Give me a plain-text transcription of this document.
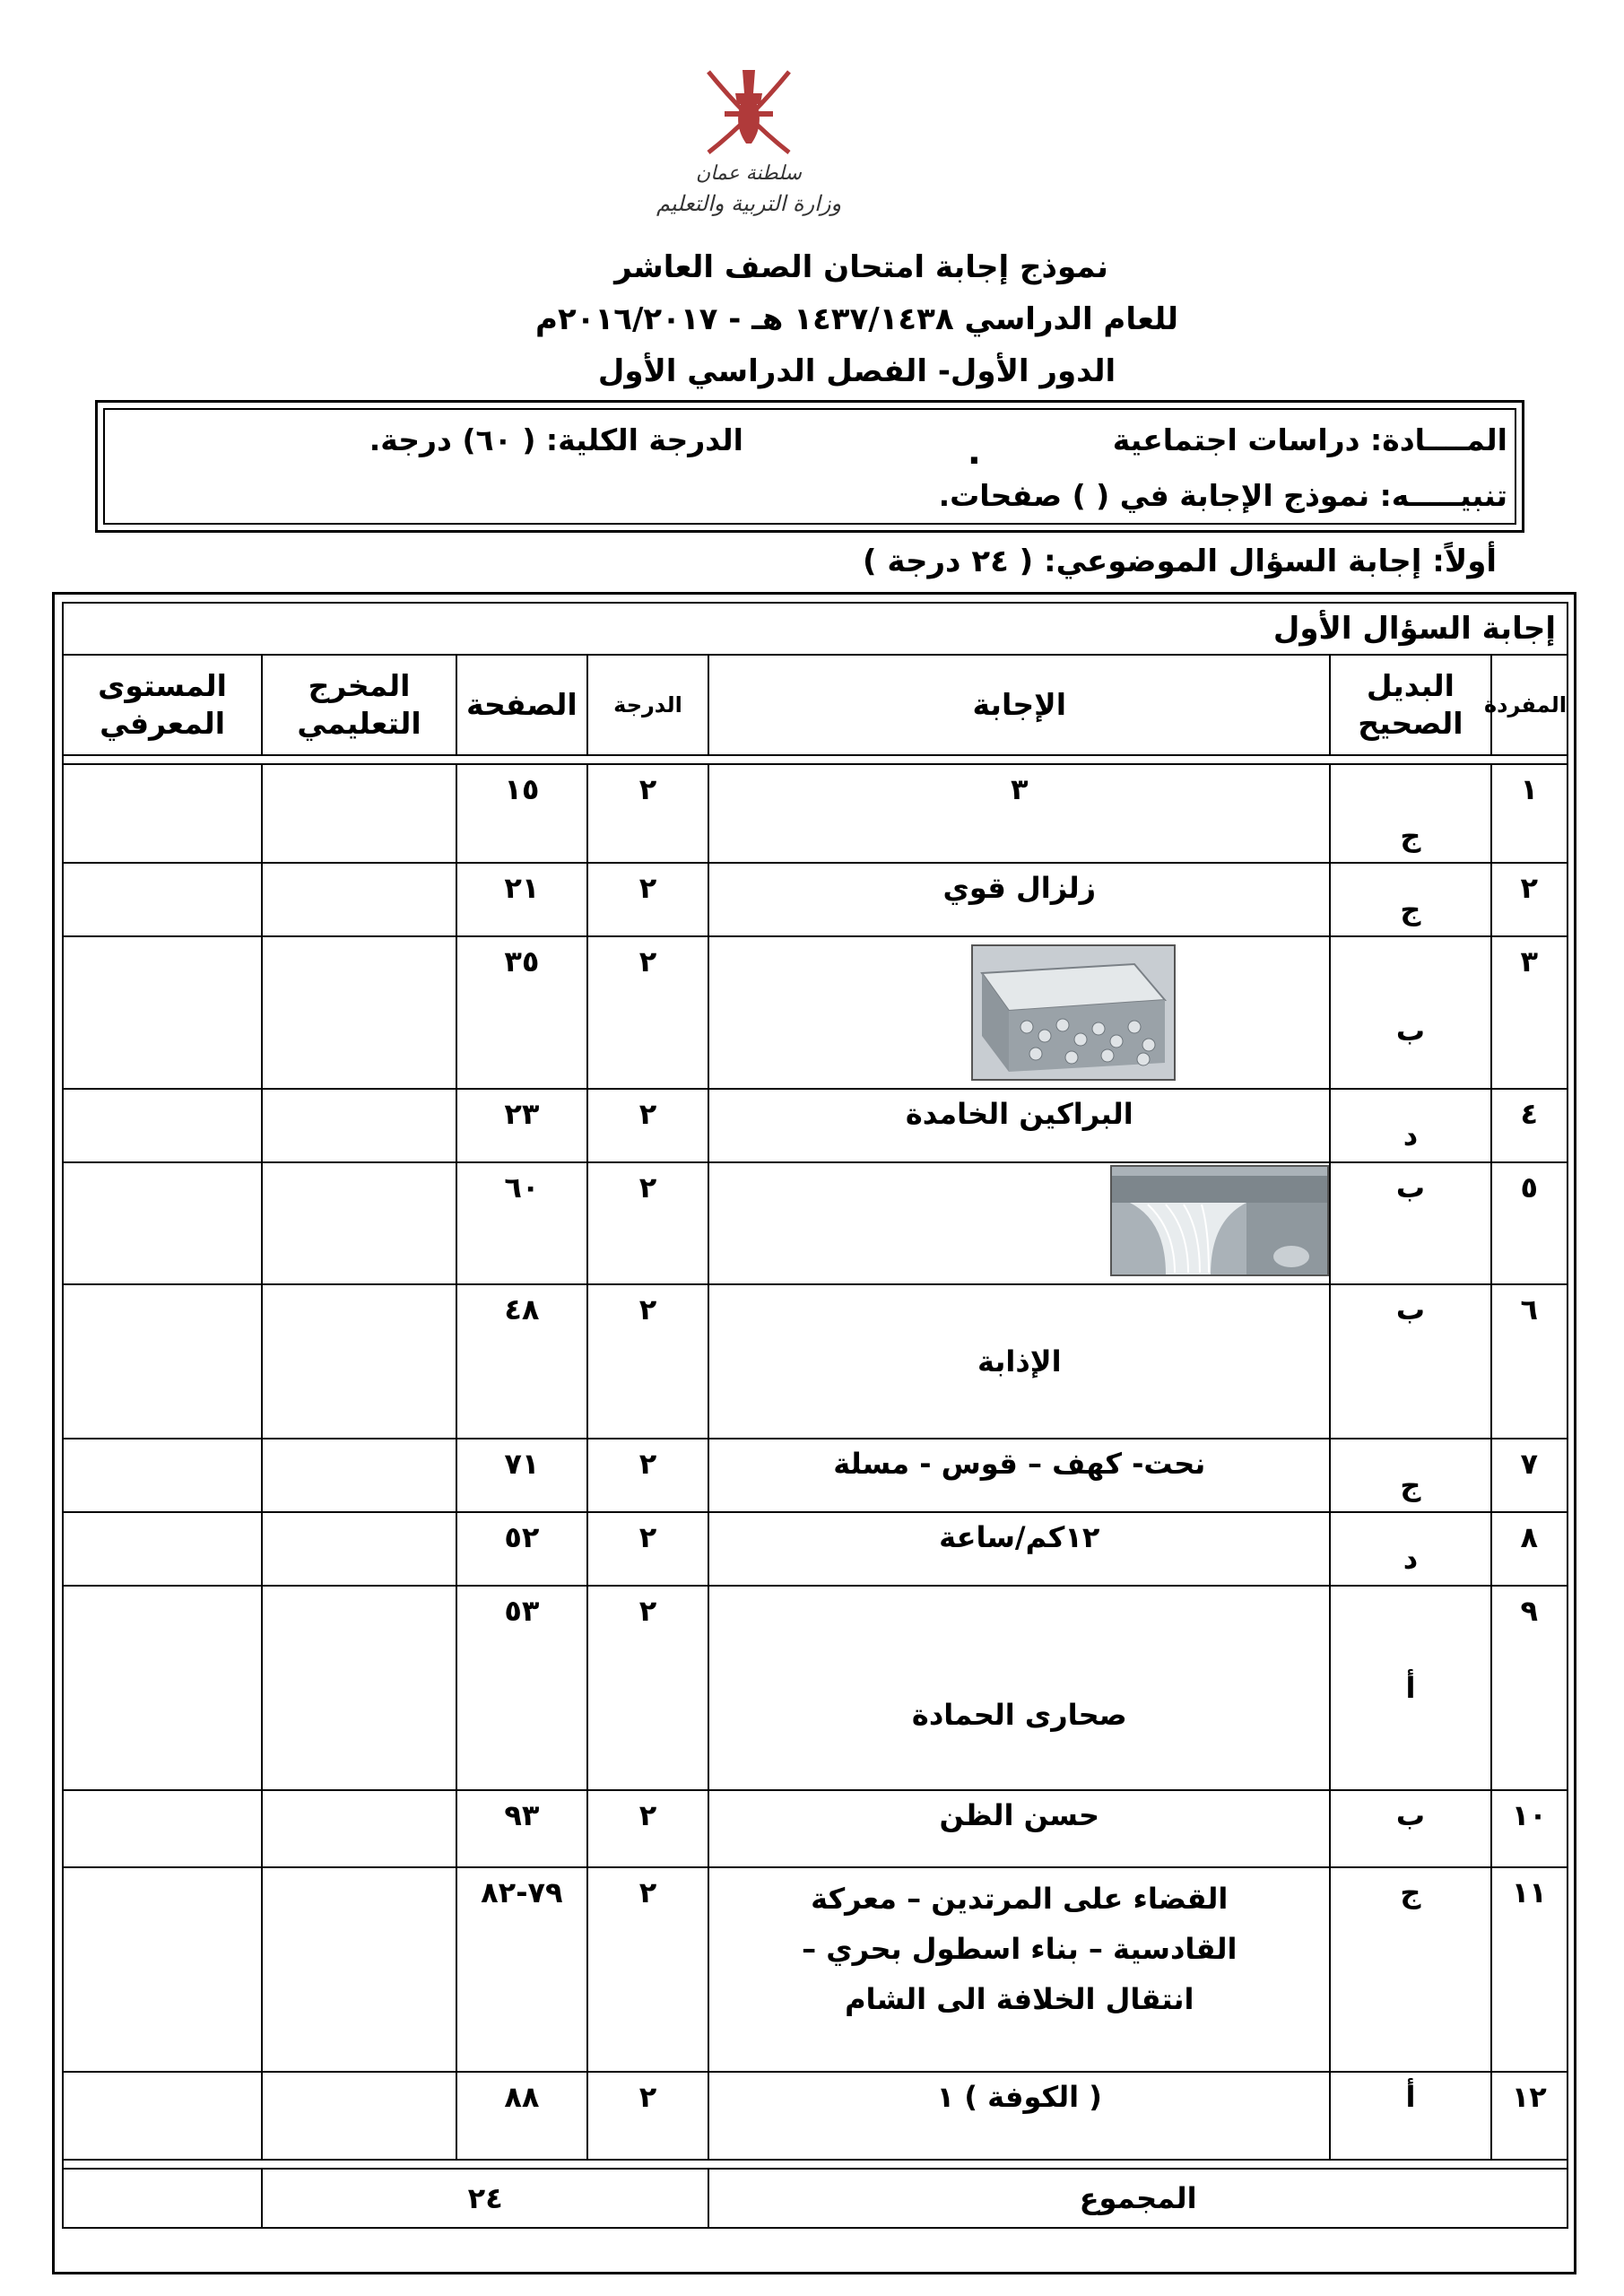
سلطنة عمان
وزارة التربية والتعليم
نموذج إجابة امتحان الصف العاشر
للعام الدراسي ١٤٣٧/١٤٣٨ هـ - ٢٠١٦/٢٠١٧م
الدور الأول- الفصل الدراسي الأول
المــــادة: دراسات اجتماعية
.
الدرجة الكلية: ( ٦٠) درجة.
تنبيـــــه: نموذج الإجابة في ( ) صفحات.
أولاً: إجابة السؤال الموضوعي: ( ٢٤ درجة )
إجابة السؤال الأول						
المفردة	البديل الصحيح	الإجابة	الدرجة	الصفحة	المخرج التعليمي	المستوى المعرفي

١	ج	٣	٢	١٥		
٢	ج	زلزال قوي	٢	٢١		
٣	ب		٢	٣٥		
٤	د	البراكين الخامدة	٢	٢٣		
٥	ب		٢	٦٠		
٦	ب	الإذابة	٢	٤٨		
٧	ج	نحت- كهف – قوس - مسلة	٢	٧١		
٨	د	١٢كم/ساعة	٢	٥٢		
٩	أ	صحارى الحمادة	٢	٥٣		
١٠	ب	حسن الظن	٢	٩٣		
١١	ج	القضاء على المرتدين – معركة
القادسية – بناء اسطول بحري –
انتقال الخلافة الى الشام	٢	٧٩-٨٢		
١٢	أ	( الكوفة ) ١	٢	٨٨		

المجموع			٢٤			
